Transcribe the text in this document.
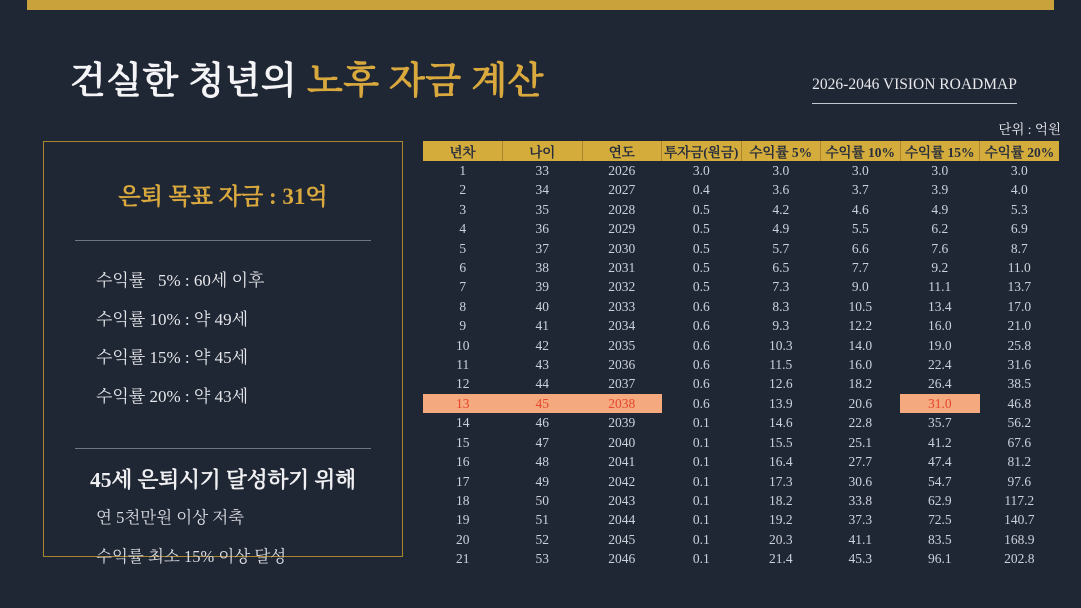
건실한 청년의 노후 자금 계산	2026-2046 VISION ROADMAP
단위 : 억원
은퇴 목표 자금 : 31억
수익률   5% : 60세 이후
수익률 10% : 약 49세
수익률 15% : 약 45세
수익률 20% : 약 43세
45세 은퇴시기 달성하기 위해
연 5천만원 이상 저축
수익률 최소 15% 이상 달성
년차	나이	연도	투자금(원금)	수익률 5%	수익률 10%	수익률 15%	수익률 20%
1	33	2026	3.0	3.0	3.0	3.0	3.0
2	34	2027	0.4	3.6	3.7	3.9	4.0
3	35	2028	0.5	4.2	4.6	4.9	5.3
4	36	2029	0.5	4.9	5.5	6.2	6.9
5	37	2030	0.5	5.7	6.6	7.6	8.7
6	38	2031	0.5	6.5	7.7	9.2	11.0
7	39	2032	0.5	7.3	9.0	11.1	13.7
8	40	2033	0.6	8.3	10.5	13.4	17.0
9	41	2034	0.6	9.3	12.2	16.0	21.0
10	42	2035	0.6	10.3	14.0	19.0	25.8
11	43	2036	0.6	11.5	16.0	22.4	31.6
12	44	2037	0.6	12.6	18.2	26.4	38.5
13	45	2038	0.6	13.9	20.6	31.0	46.8
14	46	2039	0.1	14.6	22.8	35.7	56.2
15	47	2040	0.1	15.5	25.1	41.2	67.6
16	48	2041	0.1	16.4	27.7	47.4	81.2
17	49	2042	0.1	17.3	30.6	54.7	97.6
18	50	2043	0.1	18.2	33.8	62.9	117.2
19	51	2044	0.1	19.2	37.3	72.5	140.7
20	52	2045	0.1	20.3	41.1	83.5	168.9
21	53	2046	0.1	21.4	45.3	96.1	202.8
